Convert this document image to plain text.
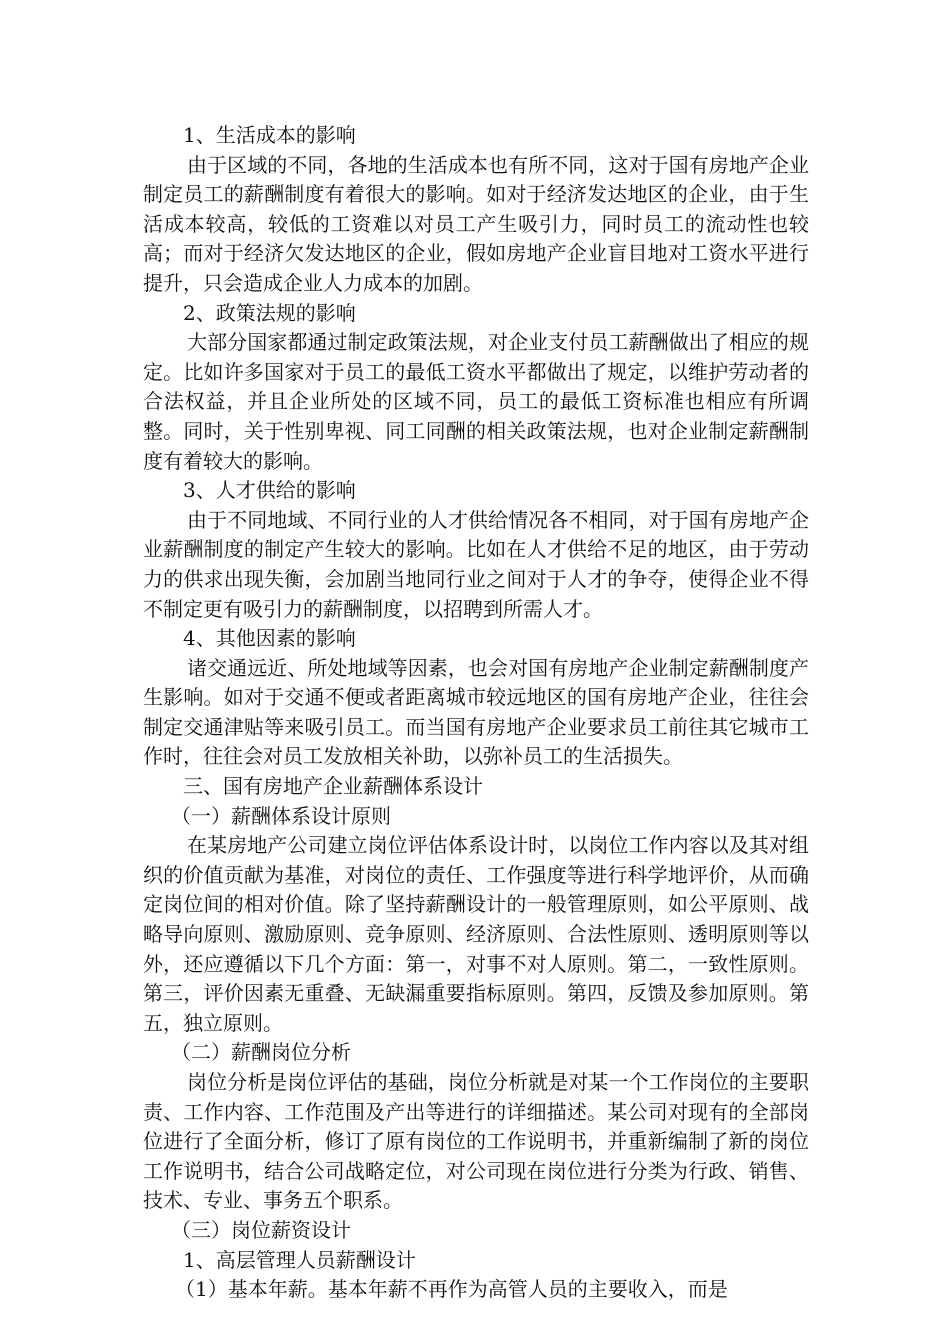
1、生活成本的影响

由于区域的不同，各地的生活成本也有所不同，这对于国有房地产企业制定员工的薪酬制度有着很大的影响。如对于经济发达地区的企业，由于生活成本较高，较低的工资难以对员工产生吸引力，同时员工的流动性也较高；而对于经济欠发达地区的企业，假如房地产企业盲目地对工资水平进行提升，只会造成企业人力成本的加剧。

2、政策法规的影响

大部分国家都通过制定政策法规，对企业支付员工薪酬做出了相应的规定。比如许多国家对于员工的最低工资水平都做出了规定，以维护劳动者的合法权益，并且企业所处的区域不同，员工的最低工资标准也相应有所调整。同时，关于性别卑视、同工同酬的相关政策法规，也对企业制定薪酬制度有着较大的影响。

3、人才供给的影响

由于不同地域、不同行业的人才供给情况各不相同，对于国有房地产企业薪酬制度的制定产生较大的影响。比如在人才供给不足的地区，由于劳动力的供求出现失衡，会加剧当地同行业之间对于人才的争夺，使得企业不得不制定更有吸引力的薪酬制度，以招聘到所需人才。

4、其他因素的影响

诸交通远近、所处地域等因素，也会对国有房地产企业制定薪酬制度产生影响。如对于交通不便或者距离城市较远地区的国有房地产企业，往往会制定交通津贴等来吸引员工。而当国有房地产企业要求员工前往其它城市工作时，往往会对员工发放相关补助，以弥补员工的生活损失。

三、国有房地产企业薪酬体系设计

（一）薪酬体系设计原则

在某房地产公司建立岗位评估体系设计时，以岗位工作内容以及其对组织的价值贡献为基准，对岗位的责任、工作强度等进行科学地评价，从而确定岗位间的相对价值。除了坚持薪酬设计的一般管理原则，如公平原则、战略导向原则、激励原则、竞争原则、经济原则、合法性原则、透明原则等以外，还应遵循以下几个方面：第一，对事不对人原则。第二，一致性原则。第三，评价因素无重叠、无缺漏重要指标原则。第四，反馈及参加原则。第五，独立原则。

（二）薪酬岗位分析

岗位分析是岗位评估的基础，岗位分析就是对某一个工作岗位的主要职责、工作内容、工作范围及产出等进行的详细描述。某公司对现有的全部岗位进行了全面分析，修订了原有岗位的工作说明书，并重新编制了新的岗位工作说明书，结合公司战略定位，对公司现在岗位进行分类为行政、销售、技术、专业、事务五个职系。

（三）岗位薪资设计

1、高层管理人员薪酬设计

（1）基本年薪。基本年薪不再作为高管人员的主要收入，而是
